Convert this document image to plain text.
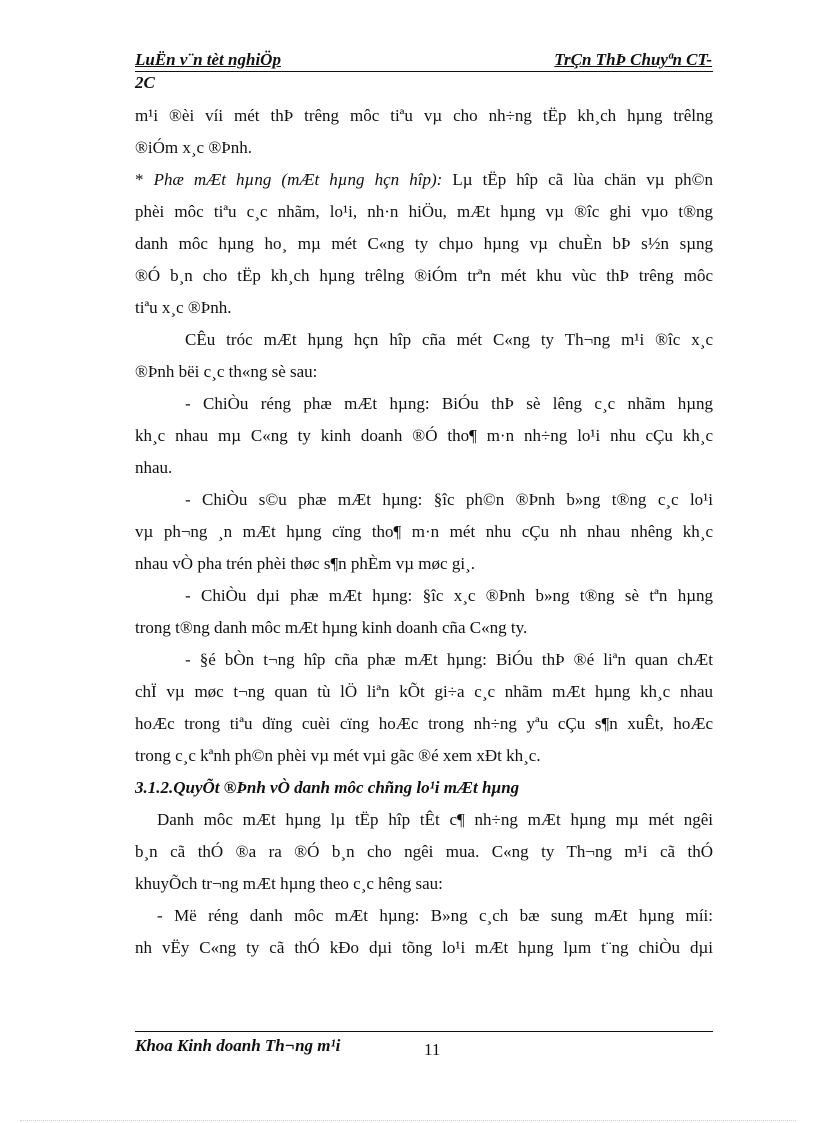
LuËn v¨n tèt nghiÖp	TrÇn ThÞ Chuyªn CT-
2C
m¹i ®èi víi mét thÞ trêng môc tiªu vµ cho nh÷ng tËp kh¸ch hµng trêlng
®iÓm x¸c ®Þnh.
* Phæ mÆt hµng (mÆt hµng hçn hîp): Lµ tËp hîp cã lùa chän vµ ph©n
phèi môc tiªu c¸c nhãm, lo¹i, nh·n hiÖu, mÆt hµng vµ ®îc ghi vµo t®ng
danh môc hµng ho¸ mµ mét C«ng ty chµo hµng vµ chuÈn bÞ s½n sµng
®Ó b¸n cho tËp kh¸ch hµng trêlng ®iÓm trªn mét khu vùc thÞ trêng môc
tiªu x¸c ®Þnh.
CÊu tróc mÆt hµng hçn hîp cña mét C«ng ty Th¬ng m¹i ®îc x¸c
®Þnh bëi c¸c th«ng sè sau:
- ChiÒu réng phæ mÆt hµng: BiÓu thÞ sè lêng c¸c nhãm hµng
kh¸c nhau mµ C«ng ty kinh doanh ®Ó tho¶ m·n nh÷ng lo¹i nhu cÇu kh¸c
nhau.
- ChiÒu s©u phæ mÆt hµng: §îc ph©n ®Þnh b»ng t®ng c¸c lo¹i
vµ ph¬ng ¸n mÆt hµng cïng tho¶ m·n mét nhu cÇu nh nhau nhêng kh¸c
nhau vÒ pha trén phèi thøc s¶n phÈm vµ møc gi¸.
- ChiÒu dµi phæ mÆt hµng: §îc x¸c ®Þnh b»ng t®ng sè tªn hµng
trong t®ng danh môc mÆt hµng kinh doanh cña C«ng ty.
- §é bÒn t¬ng hîp cña phæ mÆt hµng: BiÓu thÞ ®é liªn quan chÆt
chÏ vµ møc t¬ng quan tù lÖ liªn kÕt gi÷a c¸c nhãm mÆt hµng kh¸c nhau
hoÆc trong tiªu dïng cuèi cïng hoÆc trong nh÷ng yªu cÇu s¶n xuÊt, hoÆc
trong c¸c kªnh ph©n phèi vµ mét vµi gãc ®é xem xÐt kh¸c.
3.1.2.QuyÕt ®Þnh vÒ danh môc chñng lo¹i mÆt hµng
Danh môc mÆt hµng lµ tËp hîp tÊt c¶ nh÷ng mÆt hµng mµ mét ngêi
b¸n cã thÓ ®a ra ®Ó b¸n cho ngêi mua. C«ng ty Th¬ng m¹i cã thÓ
khuyÕch tr¬ng mÆt hµng theo c¸c hêng sau:
- Më réng danh môc mÆt hµng: B»ng c¸ch bæ sung mÆt hµng míi:
nh vËy C«ng ty cã thÓ kÐo dµi tõng lo¹i mÆt hµng lµm t¨ng chiÒu dµi
Khoa Kinh doanh Th¬ng m¹i	11
